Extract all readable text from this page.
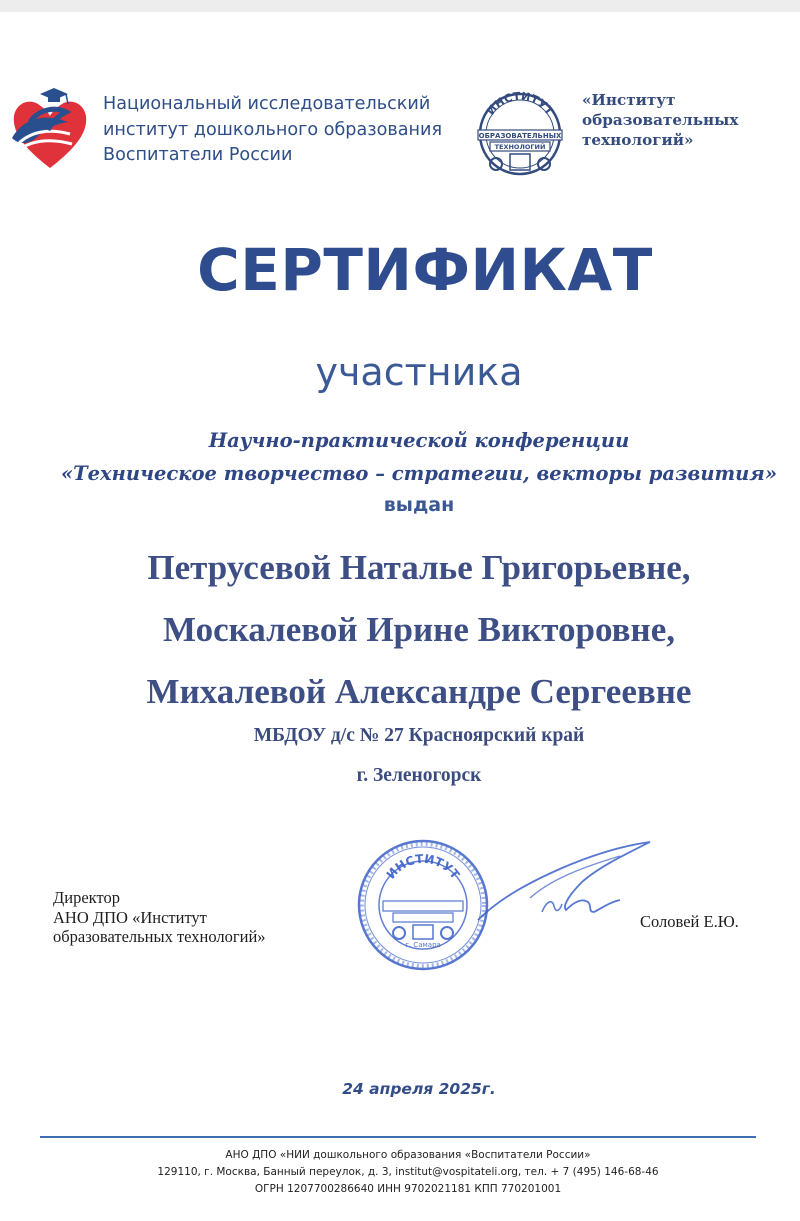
Национальный исследовательский
институт дошкольного образования
Воспитатели России
ИНСТИТУТ
ОБРАЗОВАТЕЛЬНЫХ
ТЕХНОЛОГИЙ
«Институт
образовательных
технологий»
СЕРТИФИКАТ
участника
Научно-практической конференции
«Техническое творчество – стратегии, векторы развития»
выдан
Петрусевой Наталье Григорьевне,
Москалевой Ирине Викторовне,
Михалевой Александре Сергеевне
МБДОУ д/с № 27 Красноярский край
г. Зеленогорск
Директор
АНО ДПО «Институт
образовательных технологий»
ИНСТИТУТ
г. Самара
Соловей Е.Ю.
24 апреля 2025г.
АНО ДПО «НИИ дошкольного образования «Воспитатели России»
129110, г. Москва, Банный переулок, д. 3, institut@vospitateli.org, тел. + 7 (495) 146-68-46
ОГРН 1207700286640 ИНН 9702021181 КПП 770201001
